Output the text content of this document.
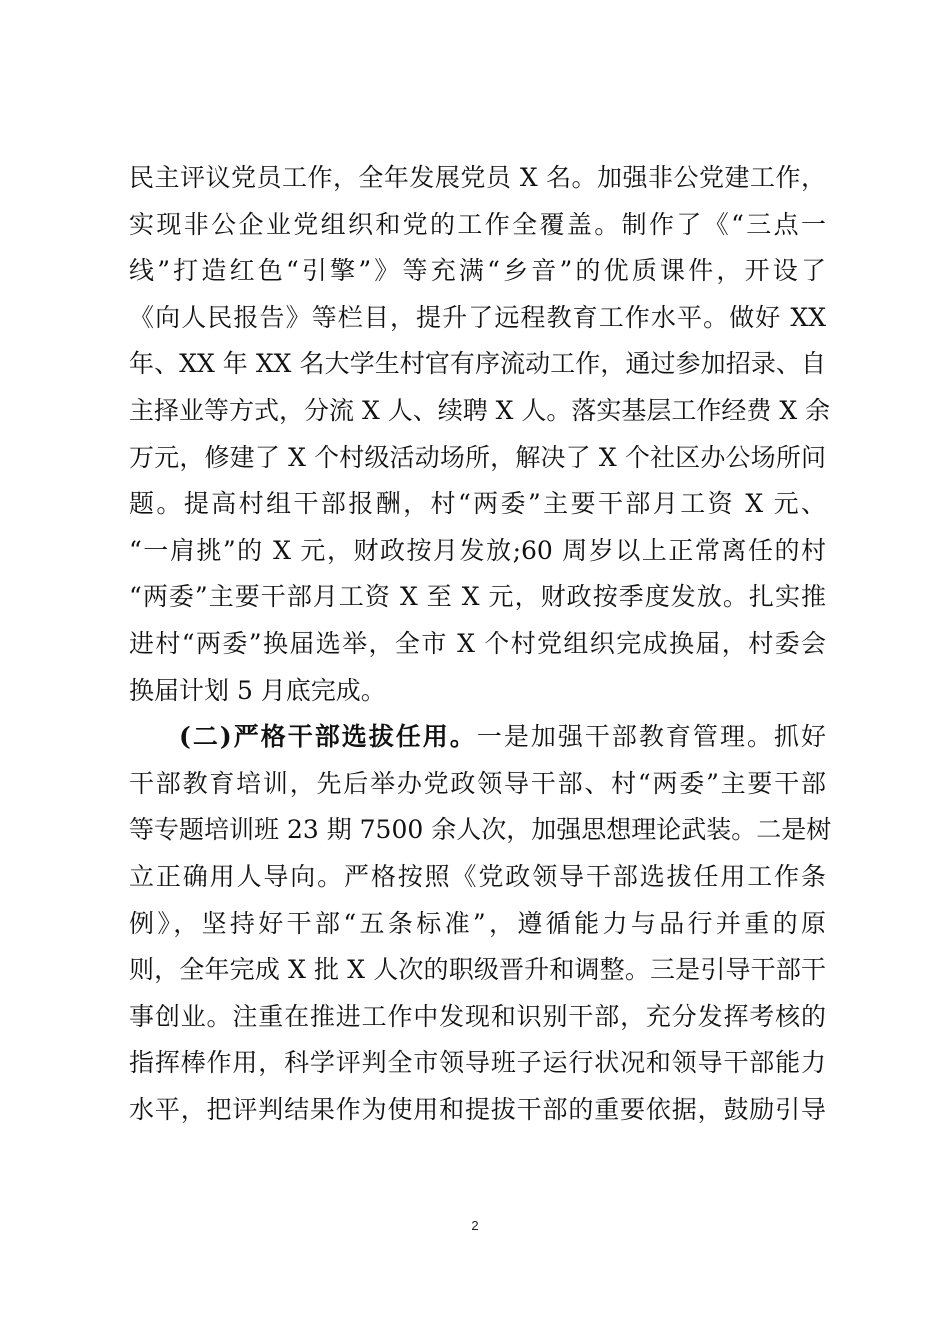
民主评议党员工作，全年发展党员 X 名。加强非公党建工作，
实现非公企业党组织和党的工作全覆盖。制作了《“三点一
线”打造红色“引擎”》等充满“乡音”的优质课件，开设了
《向人民报告》等栏目，提升了远程教育工作水平。做好 XX
年、XX 年 XX 名大学生村官有序流动工作，通过参加招录、自
主择业等方式，分流 X 人、续聘 X 人。落实基层工作经费 X 余
万元，修建了 X 个村级活动场所，解决了 X 个社区办公场所问
题。提高村组干部报酬，村“两委”主要干部月工资 X 元、
“一肩挑”的 X 元，财政按月发放;60 周岁以上正常离任的村
“两委”主要干部月工资 X 至 X 元，财政按季度发放。扎实推
进村“两委”换届选举，全市 X 个村党组织完成换届，村委会
换届计划 5 月底完成。
(二)严格干部选拔任用。一是加强干部教育管理。抓好
干部教育培训，先后举办党政领导干部、村“两委”主要干部
等专题培训班 23 期 7500 余人次，加强思想理论武装。二是树
立正确用人导向。严格按照《党政领导干部选拔任用工作条
例》，坚持好干部“五条标准”，遵循能力与品行并重的原
则，全年完成 X 批 X 人次的职级晋升和调整。三是引导干部干
事创业。注重在推进工作中发现和识别干部，充分发挥考核的
指挥棒作用，科学评判全市领导班子运行状况和领导干部能力
水平，把评判结果作为使用和提拔干部的重要依据，鼓励引导
2
